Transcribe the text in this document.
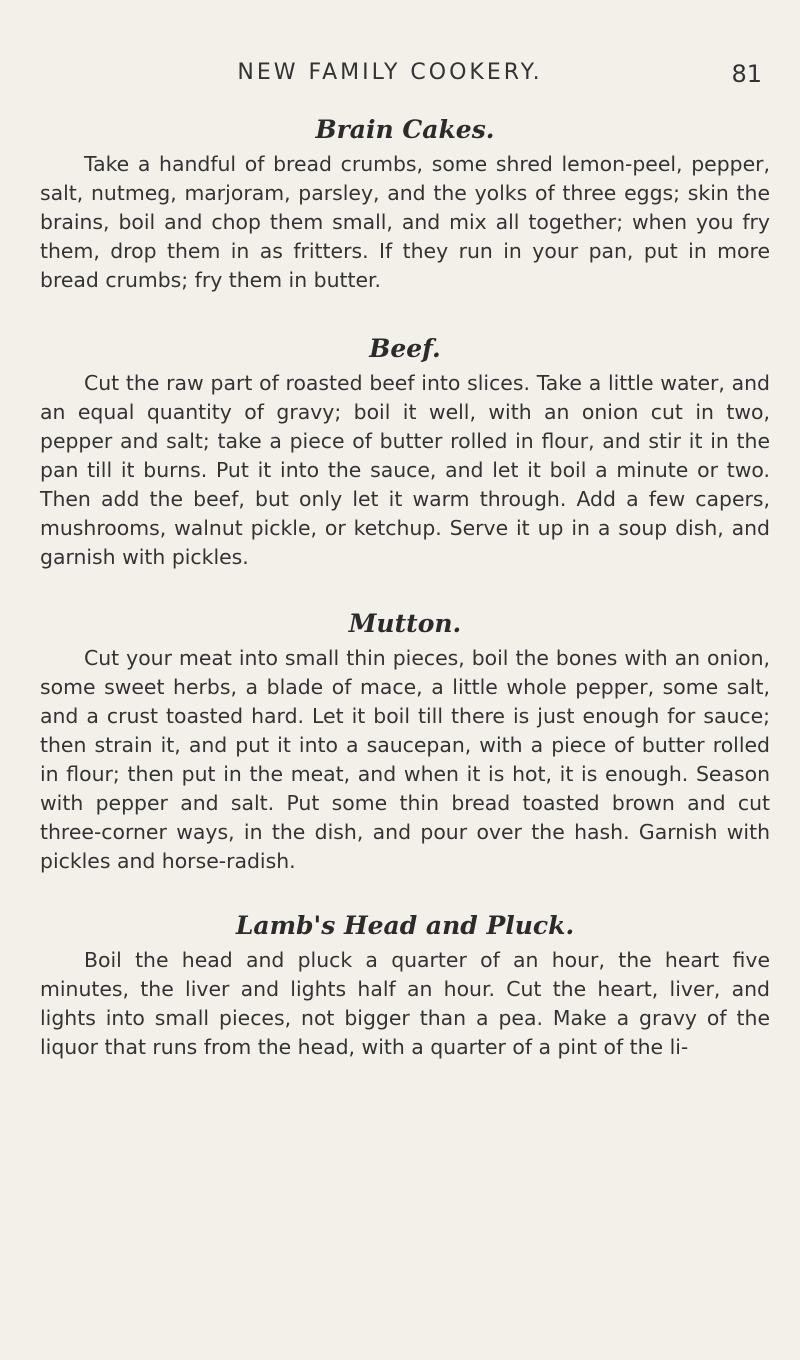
NEW FAMILY COOKERY.	81
Brain Cakes.

Take a handful of bread crumbs, some shred lemon-peel, pepper, salt, nutmeg, marjoram, parsley, and the yolks of three eggs; skin the brains, boil and chop them small, and mix all together; when you fry them, drop them in as fritters. If they run in your pan, put in more bread crumbs; fry them in butter.

Beef.

Cut the raw part of roasted beef into slices. Take a little water, and an equal quantity of gravy; boil it well, with an onion cut in two, pepper and salt; take a piece of butter rolled in flour, and stir it in the pan till it burns. Put it into the sauce, and let it boil a minute or two. Then add the beef, but only let it warm through. Add a few capers, mushrooms, walnut pickle, or ketchup. Serve it up in a soup dish, and garnish with pickles.

Mutton.

Cut your meat into small thin pieces, boil the bones with an onion, some sweet herbs, a blade of mace, a little whole pepper, some salt, and a crust toasted hard. Let it boil till there is just enough for sauce; then strain it, and put it into a saucepan, with a piece of butter rolled in flour; then put in the meat, and when it is hot, it is enough. Season with pepper and salt. Put some thin bread toasted brown and cut three-corner ways, in the dish, and pour over the hash. Garnish with pickles and horse-radish.

Lamb's Head and Pluck.

Boil the head and pluck a quarter of an hour, the heart five minutes, the liver and lights half an hour. Cut the heart, liver, and lights into small pieces, not bigger than a pea. Make a gravy of the liquor that runs from the head, with a quarter of a pint of the li-
